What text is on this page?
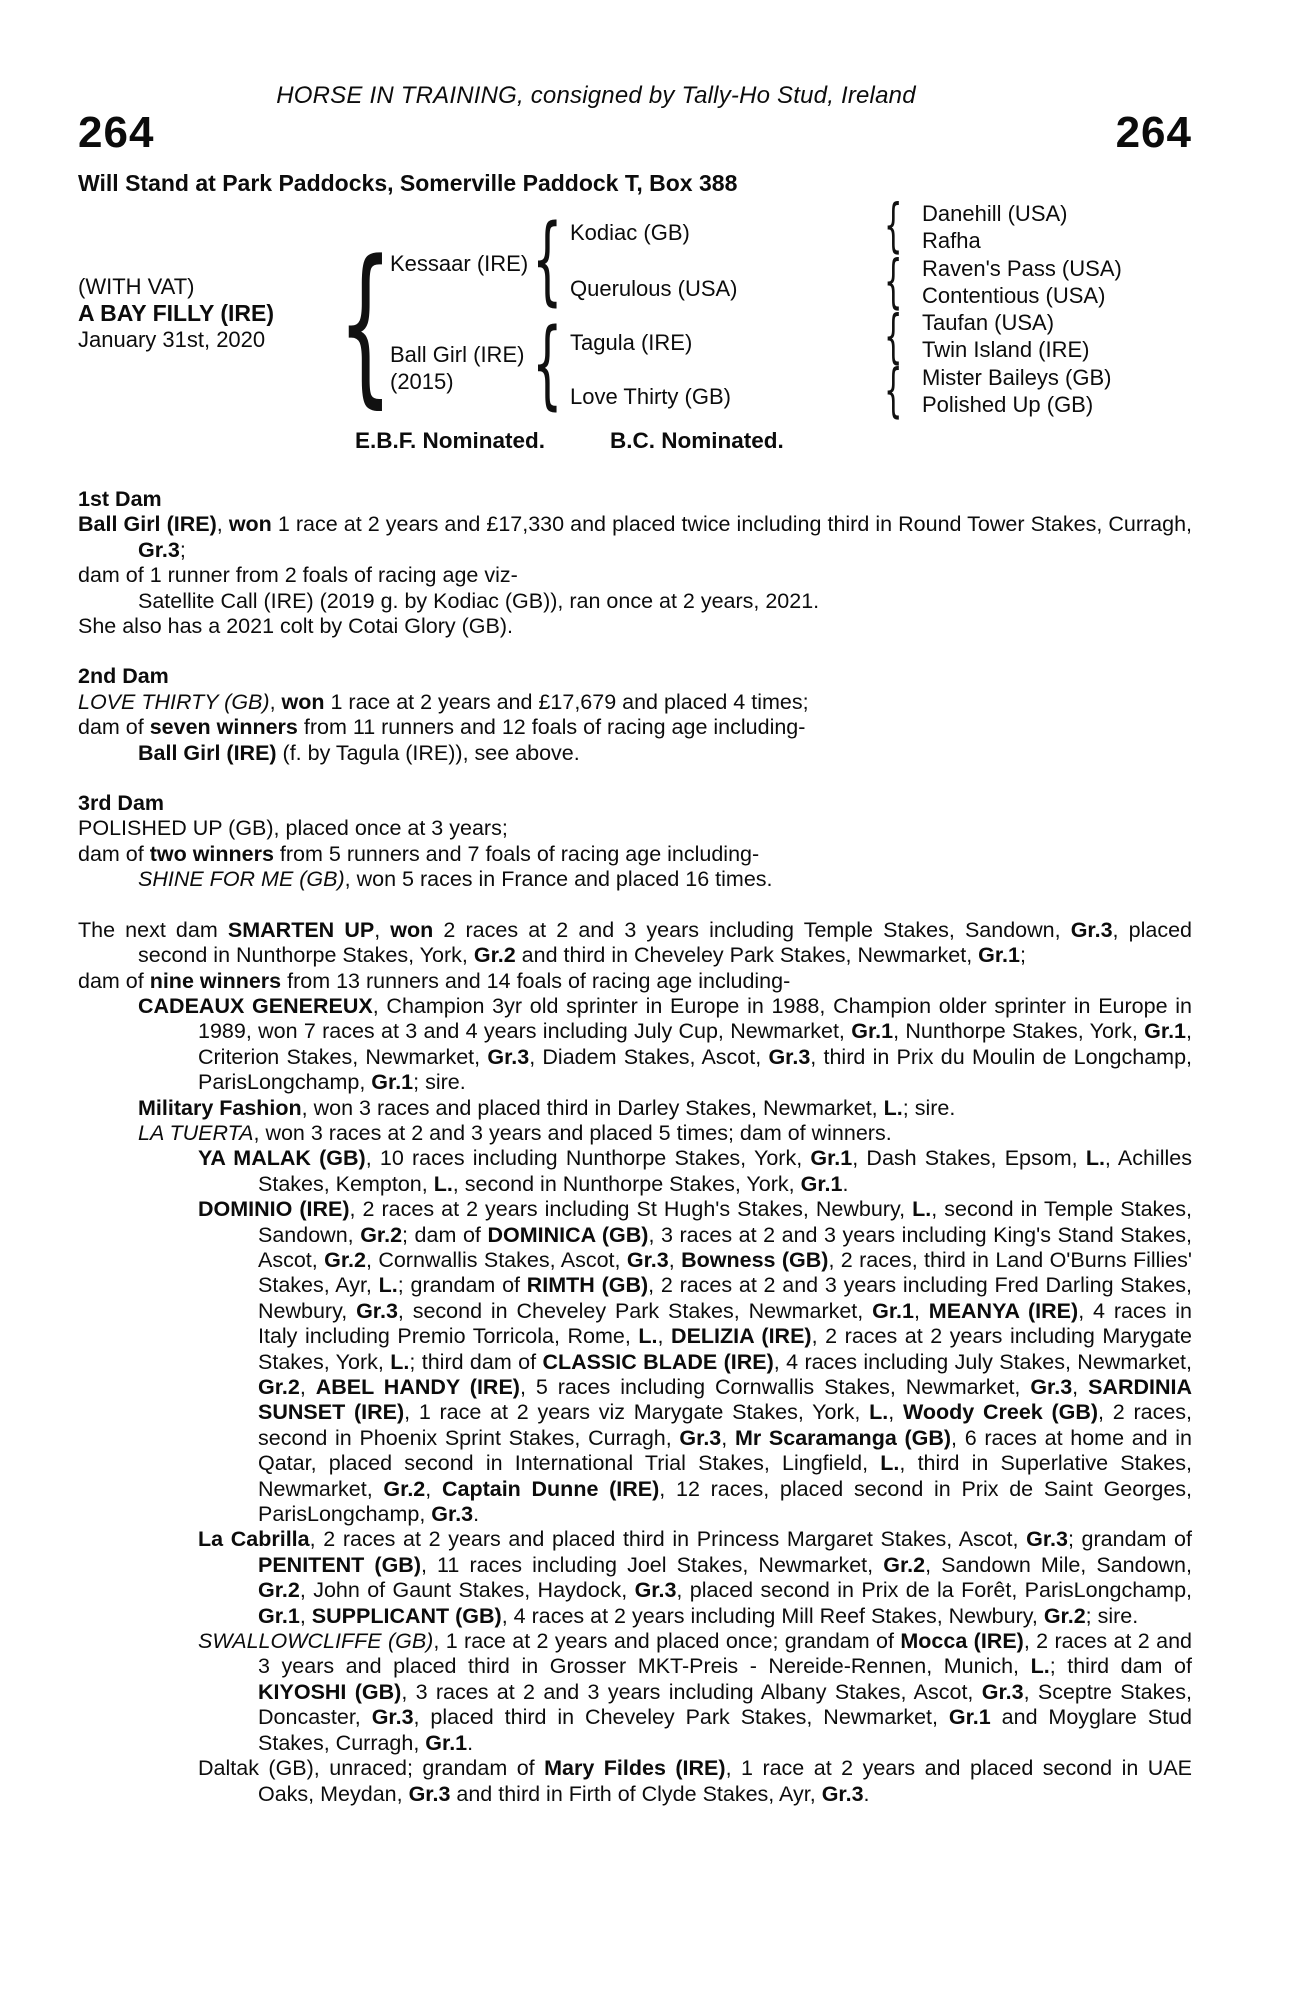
HORSE IN TRAINING, consigned by Tally-Ho Stud, Ireland
264	264
Will Stand at Park Paddocks, Somerville Paddock T, Box 388
(WITH VAT)
A BAY FILLY (IRE)
January 31st, 2020 {
Kessaar (IRE)
Ball Girl (IRE)
(2015)
{
{
Kodiac (GB)
Querulous (USA)
Tagula (IRE)
Love Thirty (GB)
{
{
{
{
Danehill (USA)
Rafha
Raven's Pass (USA)
Contentious (USA)
Taufan (USA)
Twin Island (IRE)
Mister Baileys (GB)
Polished Up (GB)
E.B.F. Nominated.	B.C. Nominated.
1st Dam
Ball Girl (IRE), won 1 race at 2 years and £17,330 and placed twice including third in Round Tower Stakes, Curragh, Gr.3;
dam of 1 runner from 2 foals of racing age viz-
Satellite Call (IRE) (2019 g. by Kodiac (GB)), ran once at 2 years, 2021.
She also has a 2021 colt by Cotai Glory (GB).
2nd Dam
LOVE THIRTY (GB), won 1 race at 2 years and £17,679 and placed 4 times;
dam of seven winners from 11 runners and 12 foals of racing age including-
Ball Girl (IRE) (f. by Tagula (IRE)), see above.
3rd Dam
POLISHED UP (GB), placed once at 3 years;
dam of two winners from 5 runners and 7 foals of racing age including-
SHINE FOR ME (GB), won 5 races in France and placed 16 times.
The next dam SMARTEN UP, won 2 races at 2 and 3 years including Temple Stakes, Sandown, Gr.3, placed second in Nunthorpe Stakes, York, Gr.2 and third in Cheveley Park Stakes, Newmarket, Gr.1;
dam of nine winners from 13 runners and 14 foals of racing age including-
CADEAUX GENEREUX, Champion 3yr old sprinter in Europe in 1988, Champion older sprinter in Europe in 1989, won 7 races at 3 and 4 years including July Cup, Newmarket, Gr.1, Nunthorpe Stakes, York, Gr.1, Criterion Stakes, Newmarket, Gr.3, Diadem Stakes, Ascot, Gr.3, third in Prix du Moulin de Longchamp, ParisLongchamp, Gr.1; sire.
Military Fashion, won 3 races and placed third in Darley Stakes, Newmarket, L.; sire.
LA TUERTA, won 3 races at 2 and 3 years and placed 5 times; dam of winners.
YA MALAK (GB), 10 races including Nunthorpe Stakes, York, Gr.1, Dash Stakes, Epsom, L., Achilles Stakes, Kempton, L., second in Nunthorpe Stakes, York, Gr.1.
DOMINIO (IRE), 2 races at 2 years including St Hugh's Stakes, Newbury, L., second in Temple Stakes, Sandown, Gr.2; dam of DOMINICA (GB), 3 races at 2 and 3 years including King's Stand Stakes, Ascot, Gr.2, Cornwallis Stakes, Ascot, Gr.3, Bowness (GB), 2 races, third in Land O'Burns Fillies' Stakes, Ayr, L.; grandam of RIMTH (GB), 2 races at 2 and 3 years including Fred Darling Stakes, Newbury, Gr.3, second in Cheveley Park Stakes, Newmarket, Gr.1, MEANYA (IRE), 4 races in Italy including Premio Torricola, Rome, L., DELIZIA (IRE), 2 races at 2 years including Marygate Stakes, York, L.; third dam of CLASSIC BLADE (IRE), 4 races including July Stakes, Newmarket, Gr.2, ABEL HANDY (IRE), 5 races including Cornwallis Stakes, Newmarket, Gr.3, SARDINIA SUNSET (IRE), 1 race at 2 years viz Marygate Stakes, York, L., Woody Creek (GB), 2 races, second in Phoenix Sprint Stakes, Curragh, Gr.3, Mr Scaramanga (GB), 6 races at home and in Qatar, placed second in International Trial Stakes, Lingfield, L., third in Superlative Stakes, Newmarket, Gr.2, Captain Dunne (IRE), 12 races, placed second in Prix de Saint Georges, ParisLongchamp, Gr.3.
La Cabrilla, 2 races at 2 years and placed third in Princess Margaret Stakes, Ascot, Gr.3; grandam of PENITENT (GB), 11 races including Joel Stakes, Newmarket, Gr.2, Sandown Mile, Sandown, Gr.2, John of Gaunt Stakes, Haydock, Gr.3, placed second in Prix de la Forêt, ParisLongchamp, Gr.1, SUPPLICANT (GB), 4 races at 2 years including Mill Reef Stakes, Newbury, Gr.2; sire.
SWALLOWCLIFFE (GB), 1 race at 2 years and placed once; grandam of Mocca (IRE), 2 races at 2 and 3 years and placed third in Grosser MKT-Preis - Nereide-Rennen, Munich, L.; third dam of KIYOSHI (GB), 3 races at 2 and 3 years including Albany Stakes, Ascot, Gr.3, Sceptre Stakes, Doncaster, Gr.3, placed third in Cheveley Park Stakes, Newmarket, Gr.1 and Moyglare Stud Stakes, Curragh, Gr.1.
Daltak (GB), unraced; grandam of Mary Fildes (IRE), 1 race at 2 years and placed second in UAE Oaks, Meydan, Gr.3 and third in Firth of Clyde Stakes, Ayr, Gr.3.
